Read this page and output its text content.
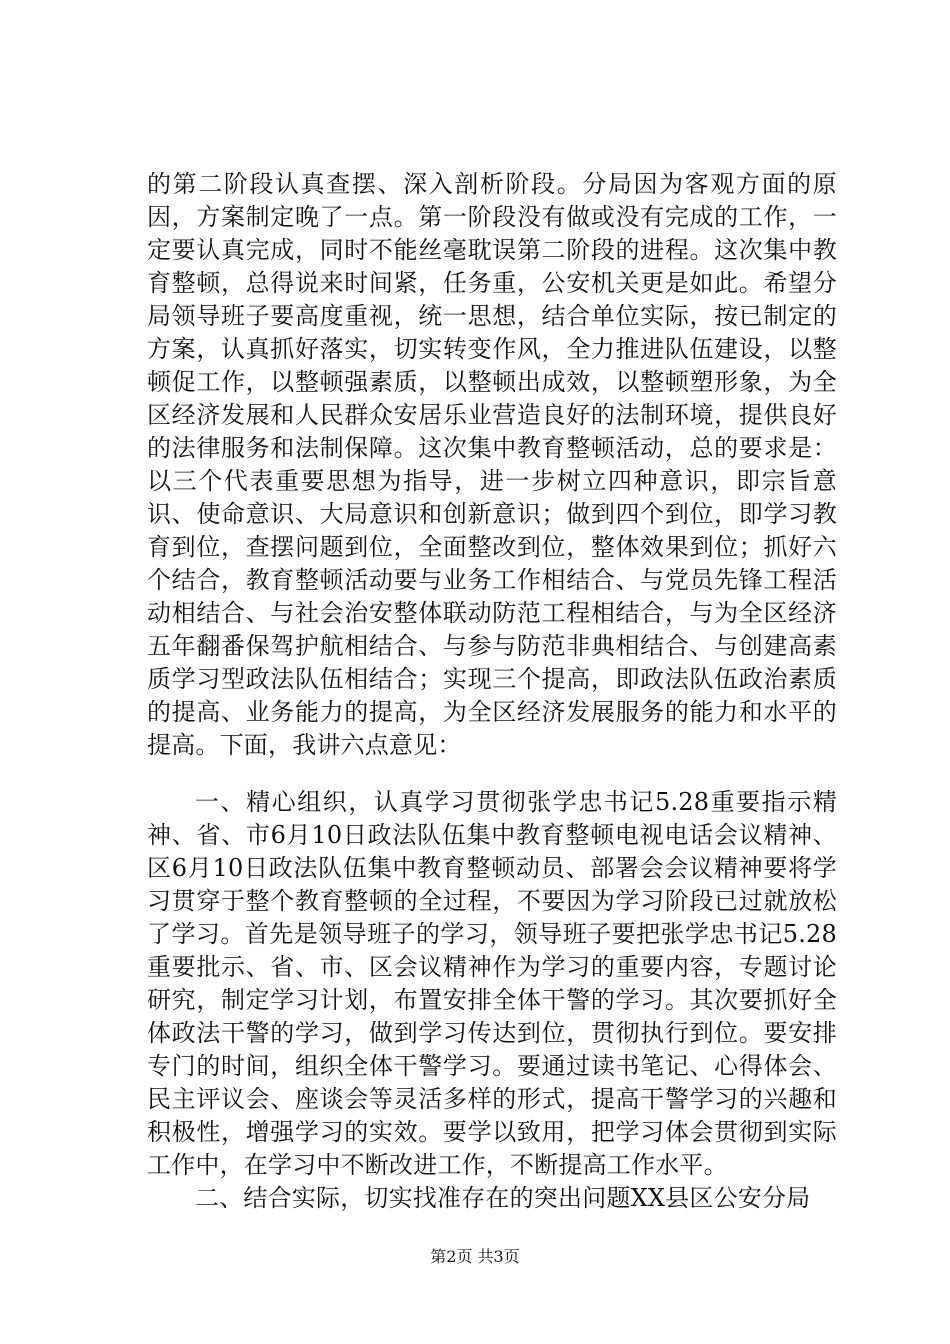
的第二阶段认真查摆、深入剖析阶段。分局因为客观方面的原因，方案制定晚了一点。第一阶段没有做或没有完成的工作，一定要认真完成，同时不能丝毫耽误第二阶段的进程。这次集中教育整顿，总得说来时间紧，任务重，公安机关更是如此。希望分局领导班子要高度重视，统一思想，结合单位实际，按已制定的方案，认真抓好落实，切实转变作风，全力推进队伍建设，以整顿促工作，以整顿强素质，以整顿出成效，以整顿塑形象，为全区经济发展和人民群众安居乐业营造良好的法制环境，提供良好的法律服务和法制保障。这次集中教育整顿活动，总的要求是：以三个代表重要思想为指导，进一步树立四种意识，即宗旨意识、使命意识、大局意识和创新意识；做到四个到位，即学习教育到位，查摆问题到位，全面整改到位，整体效果到位；抓好六个结合，教育整顿活动要与业务工作相结合、与党员先锋工程活动相结合、与社会治安整体联动防范工程相结合，与为全区经济五年翻番保驾护航相结合、与参与防范非典相结合、与创建高素质学习型政法队伍相结合；实现三个提高，即政法队伍政治素质的提高、业务能力的提高，为全区经济发展服务的能力和水平的提高。下面，我讲六点意见：

一、精心组织，认真学习贯彻张学忠书记5.28重要指示精神、省、市6月10日政法队伍集中教育整顿电视电话会议精神、区6月10日政法队伍集中教育整顿动员、部署会会议精神要将学习贯穿于整个教育整顿的全过程，不要因为学习阶段已过就放松了学习。首先是领导班子的学习，领导班子要把张学忠书记5.28重要批示、省、市、区会议精神作为学习的重要内容，专题讨论研究，制定学习计划，布置安排全体干警的学习。其次要抓好全体政法干警的学习，做到学习传达到位，贯彻执行到位。要安排专门的时间，组织全体干警学习。要通过读书笔记、心得体会、民主评议会、座谈会等灵活多样的形式，提高干警学习的兴趣和积极性，增强学习的实效。要学以致用，把学习体会贯彻到实际工作中，在学习中不断改进工作，不断提高工作水平。

二、结合实际，切实找准存在的突出问题XX县区公安分局

第2页 共3页
